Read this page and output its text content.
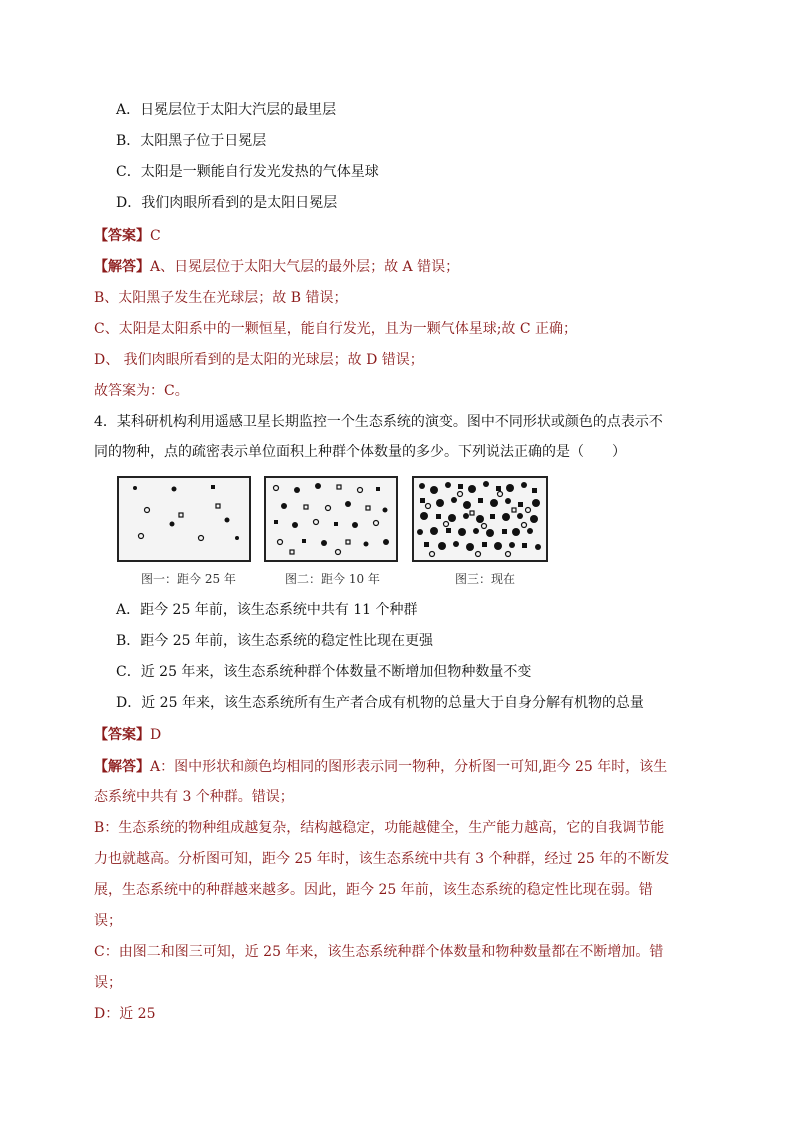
A．日冕层位于太阳大汽层的最里层
B．太阳黑子位于日冕层
C．太阳是一颗能自行发光发热的气体星球
D．我们肉眼所看到的是太阳日冕层
【答案】C
【解答】A、日冕层位于太阳大气层的最外层；故 A 错误；
B、太阳黑子发生在光球层；故 B 错误；
C、太阳是太阳系中的一颗恒星，能自行发光，且为一颗气体星球;故 C 正确；
D、 我们肉眼所看到的是太阳的光球层；故 D 错误；
故答案为：C。
4．某科研机构利用遥感卫星长期监控一个生态系统的演变。图中不同形状或颜色的点表示不
同的物种，点的疏密表示单位面积上种群个体数量的多少。下列说法正确的是（　　）
图一：距今 25 年	图二：距今 10 年	图三：现在
A．距今 25 年前，该生态系统中共有 11 个种群
B．距今 25 年前，该生态系统的稳定性比现在更强
C．近 25 年来，该生态系统种群个体数量不断增加但物种数量不变
D．近 25 年来，该生态系统所有生产者合成有机物的总量大于自身分解有机物的总量
【答案】D
【解答】A：图中形状和颜色均相同的图形表示同一物种，分析图一可知,距今 25 年时，该生
态系统中共有 3 个种群。错误；
B：生态系统的物种组成越复杂，结构越稳定，功能越健全，生产能力越高，它的自我调节能
力也就越高。分析图可知，距今 25 年时，该生态系统中共有 3 个种群，经过 25 年的不断发
展，生态系统中的种群越来越多。因此，距今 25 年前，该生态系统的稳定性比现在弱。错
误；
C：由图二和图三可知，近 25 年来，该生态系统种群个体数量和物种数量都在不断增加。错
误；
D：近 25
